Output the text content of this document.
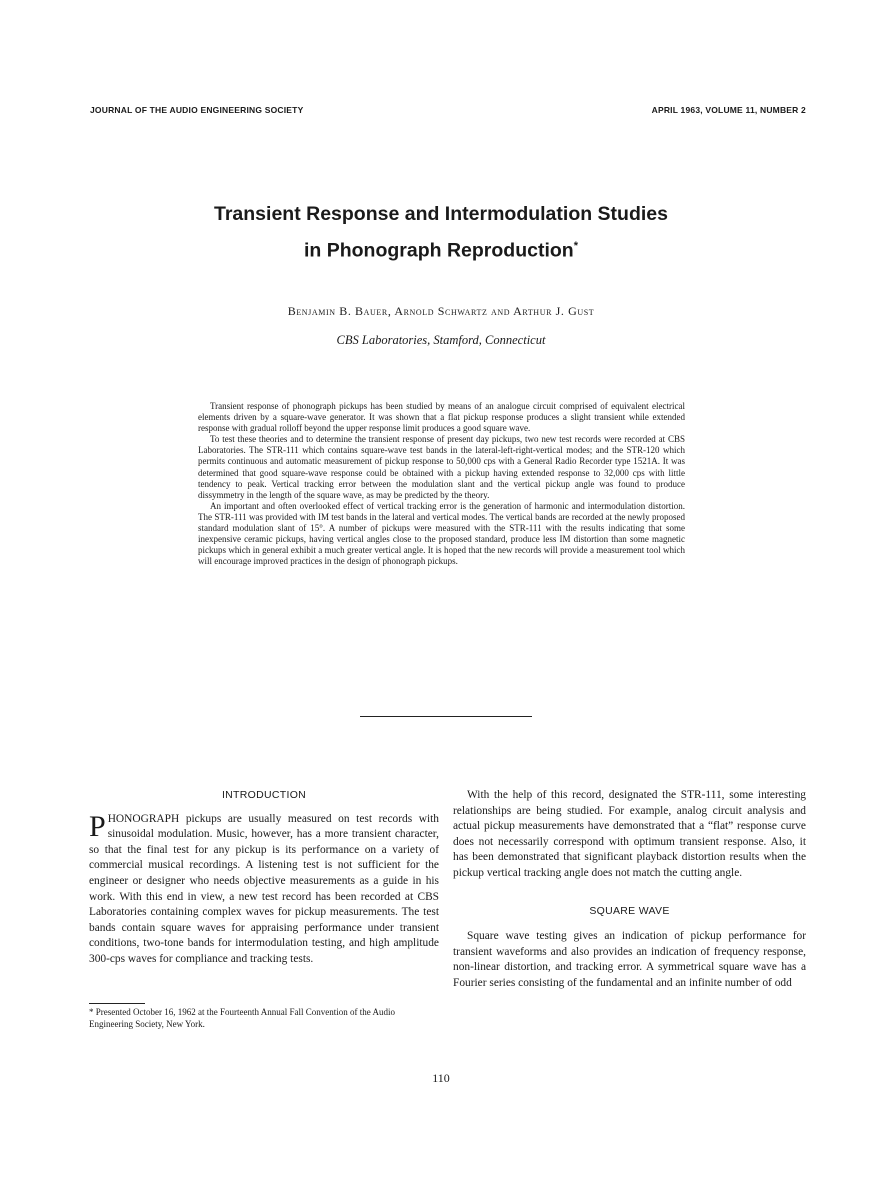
JOURNAL OF THE AUDIO ENGINEERING SOCIETY	APRIL 1963, VOLUME 11, NUMBER 2
Transient Response and Intermodulation Studies
in Phonograph Reproduction*
Benjamin B. Bauer, Arnold Schwartz and Arthur J. Gust
CBS Laboratories, Stamford, Connecticut

Transient response of phonograph pickups has been studied by means of an analogue circuit comprised of equivalent electrical elements driven by a square-wave generator. It was shown that a flat pickup response produces a slight transient while extended response with gradual rolloff beyond the upper response limit produces a good square wave.

To test these theories and to determine the transient response of present day pickups, two new test records were recorded at CBS Laboratories. The STR-111 which contains square-wave test bands in the lateral-left-right-vertical modes; and the STR-120 which permits continuous and automatic measurement of pickup response to 50,000 cps with a General Radio Recorder type 1521A. It was determined that good square-wave response could be obtained with a pickup having extended response to 32,000 cps with little tendency to peak. Vertical tracking error between the modulation slant and the vertical pickup angle was found to produce dissymmetry in the length of the square wave, as may be predicted by the theory.

An important and often overlooked effect of vertical tracking error is the generation of harmonic and intermodulation distortion. The STR-111 was provided with IM test bands in the lateral and vertical modes. The vertical bands are recorded at the newly proposed standard modulation slant of 15°. A number of pickups were measured with the STR-111 with the results indicating that some inexpensive ceramic pickups, having vertical angles close to the proposed standard, produce less IM distortion than some magnetic pickups which in general exhibit a much greater vertical angle. It is hoped that the new records will provide a measurement tool which will encourage improved practices in the design of phonograph pickups.

INTRODUCTION

PHONOGRAPH pickups are usually measured on test records with sinusoidal modulation. Music, however, has a more transient character, so that the final test for any pickup is its performance on a variety of commercial musical recordings. A listening test is not sufficient for the engineer or designer who needs objective measurements as a guide in his work. With this end in view, a new test record has been recorded at CBS Laboratories containing complex waves for pickup measurements. The test bands contain square waves for appraising performance under transient conditions, two-tone bands for intermodulation testing, and high amplitude 300-cps waves for compliance and tracking tests.

* Presented October 16, 1962 at the Fourteenth Annual Fall Convention of the Audio Engineering Society, New York.

With the help of this record, designated the STR-111, some interesting relationships are being studied. For example, analog circuit analysis and actual pickup measurements have demonstrated that a “flat” response curve does not necessarily correspond with optimum transient response. Also, it has been demonstrated that significant playback distortion results when the pickup vertical tracking angle does not match the cutting angle.

SQUARE WAVE

Square wave testing gives an indication of pickup performance for transient waveforms and also provides an indication of frequency response, non-linear distortion, and tracking error. A symmetrical square wave has a Fourier series consisting of the fundamental and an infinite number of odd

110
